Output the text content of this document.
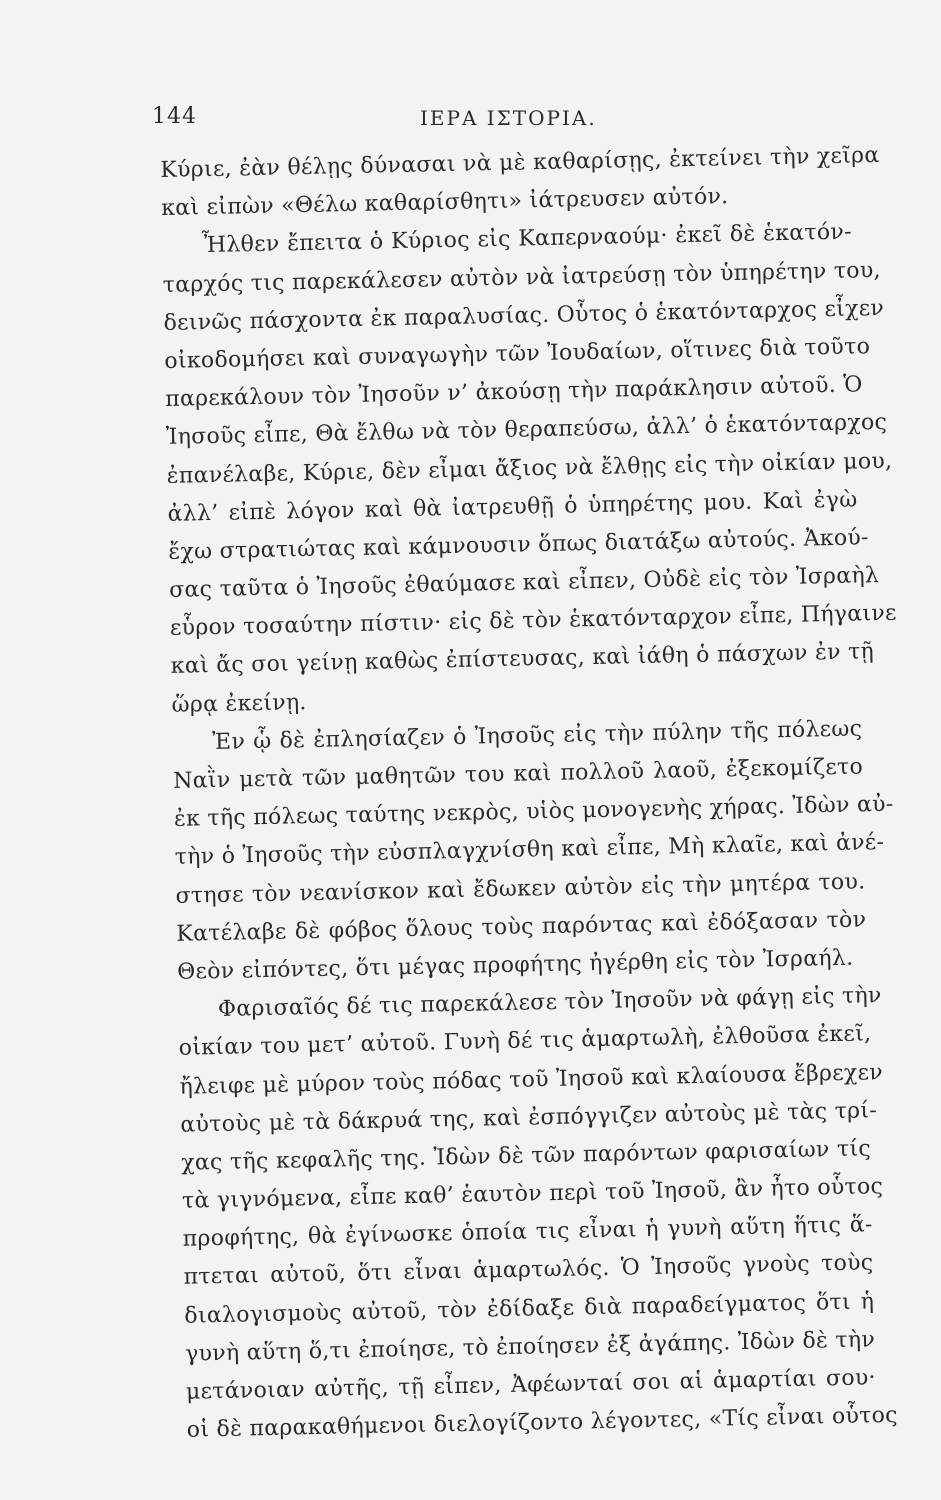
144	ΙΕΡΑ ΙΣΤΟΡΙΑ.
Κύριε, ἐὰν θέλῃς δύνασαι νὰ μὲ καθαρίσῃς, ἐκτείνει τὴν χεῖρα
καὶ εἰπὼν «Θέλω καθαρίσθητι» ἰάτρευσεν αὐτόν.
Ἦλθεν ἔπειτα ὁ Κύριος εἰς Καπερναούμ· ἐκεῖ δὲ ἑκατόν-
ταρχός τις παρεκάλεσεν αὐτὸν νὰ ἰατρεύσῃ τὸν ὑπηρέτην του,
δεινῶς πάσχοντα ἐκ παραλυσίας. Οὗτος ὁ ἑκατόνταρχος εἶχεν
οἰκοδομήσει καὶ συναγωγὴν τῶν Ἰουδαίων, οἵτινες διὰ τοῦτο
παρεκάλουν τὸν Ἰησοῦν ν’ ἀκούσῃ τὴν παράκλησιν αὐτοῦ. Ὁ
Ἰησοῦς εἶπε, Θὰ ἔλθω νὰ τὸν θεραπεύσω, ἀλλ’ ὁ ἑκατόνταρχος
ἐπανέλαβε, Κύριε, δὲν εἶμαι ἄξιος νὰ ἔλθῃς εἰς τὴν οἰκίαν μου,
ἀλλ’ εἰπὲ λόγον καὶ θὰ ἰατρευθῇ ὁ ὑπηρέτης μου. Καὶ ἐγὼ
ἔχω στρατιώτας καὶ κάμνουσιν ὅπως διατάξω αὐτούς. Ἀκού-
σας ταῦτα ὁ Ἰησοῦς ἐθαύμασε καὶ εἶπεν, Οὐδὲ εἰς τὸν Ἰσραὴλ
εὗρον τοσαύτην πίστιν· εἰς δὲ τὸν ἑκατόνταρχον εἶπε, Πήγαινε
καὶ ἄς σοι γείνῃ καθὼς ἐπίστευσας, καὶ ἰάθη ὁ πάσχων ἐν τῇ
ὥρᾳ ἐκείνῃ.
Ἐν ᾧ δὲ ἐπλησίαζεν ὁ Ἰησοῦς εἰς τὴν πύλην τῆς πόλεως
Ναῒν μετὰ τῶν μαθητῶν του καὶ πολλοῦ λαοῦ, ἐξεκομίζετο
ἐκ τῆς πόλεως ταύτης νεκρὸς, υἱὸς μονογενὴς χήρας. Ἰδὼν αὐ-
τὴν ὁ Ἰησοῦς τὴν εὐσπλαγχνίσθη καὶ εἶπε, Μὴ κλαῖε, καὶ ἀνέ-
στησε τὸν νεανίσκον καὶ ἔδωκεν αὐτὸν εἰς τὴν μητέρα του.
Κατέλαβε δὲ φόβος ὅλους τοὺς παρόντας καὶ ἐδόξασαν τὸν
Θεὸν εἰπόντες, ὅτι μέγας προφήτης ἠγέρθη εἰς τὸν Ἰσραήλ.
Φαρισαῖός δέ τις παρεκάλεσε τὸν Ἰησοῦν νὰ φάγῃ εἰς τὴν
οἰκίαν του μετ’ αὐτοῦ. Γυνὴ δέ τις ἁμαρτωλὴ, ἐλθοῦσα ἐκεῖ,
ἤλειφε μὲ μύρον τοὺς πόδας τοῦ Ἰησοῦ καὶ κλαίουσα ἔβρεχεν
αὐτοὺς μὲ τὰ δάκρυά της, καὶ ἐσπόγγιζεν αὐτοὺς μὲ τὰς τρί-
χας τῆς κεφαλῆς της. Ἰδὼν δὲ τῶν παρόντων φαρισαίων τίς
τὰ γιγνόμενα, εἶπε καθ’ ἑαυτὸν περὶ τοῦ Ἰησοῦ, ἂν ἦτο οὗτος
προφήτης, θὰ ἐγίνωσκε ὁποία τις εἶναι ἡ γυνὴ αὕτη ἥτις ἅ-
πτεται αὐτοῦ, ὅτι εἶναι ἁμαρτωλός. Ὁ Ἰησοῦς γνοὺς τοὺς
διαλογισμοὺς αὐτοῦ, τὸν ἐδίδαξε διὰ παραδείγματος ὅτι ἡ
γυνὴ αὕτη ὅ,τι ἐποίησε, τὸ ἐποίησεν ἐξ ἀγάπης. Ἰδὼν δὲ τὴν
μετάνοιαν αὐτῆς, τῇ εἶπεν, Ἀφέωνταί σοι αἱ ἁμαρτίαι σου·
οἱ δὲ παρακαθήμενοι διελογίζοντο λέγοντες, «Τίς εἶναι οὗτος
